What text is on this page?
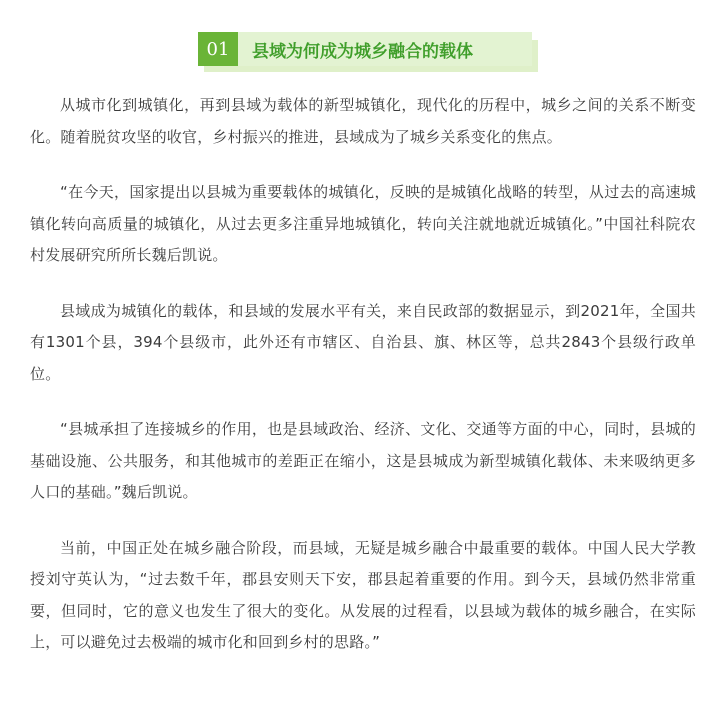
01	县域为何成为城乡融合的载体

从城市化到城镇化，再到县域为载体的新型城镇化，现代化的历程中，城乡之间的关系不断变化。随着脱贫攻坚的收官，乡村振兴的推进，县域成为了城乡关系变化的焦点。

“在今天，国家提出以县城为重要载体的城镇化，反映的是城镇化战略的转型，从过去的高速城镇化转向高质量的城镇化，从过去更多注重异地城镇化，转向关注就地就近城镇化。”中国社科院农村发展研究所所长魏后凯说。

县域成为城镇化的载体，和县域的发展水平有关，来自民政部的数据显示，到2021年，全国共有1301个县，394个县级市，此外还有市辖区、自治县、旗、林区等，总共2843个县级行政单位。

“县城承担了连接城乡的作用，也是县域政治、经济、文化、交通等方面的中心，同时，县城的基础设施、公共服务，和其他城市的差距正在缩小，这是县城成为新型城镇化载体、未来吸纳更多人口的基础。”魏后凯说。

当前，中国正处在城乡融合阶段，而县域，无疑是城乡融合中最重要的载体。中国人民大学教授刘守英认为，“过去数千年，郡县安则天下安，郡县起着重要的作用。到今天，县域仍然非常重要，但同时，它的意义也发生了很大的变化。从发展的过程看，以县域为载体的城乡融合，在实际上，可以避免过去极端的城市化和回到乡村的思路。”
